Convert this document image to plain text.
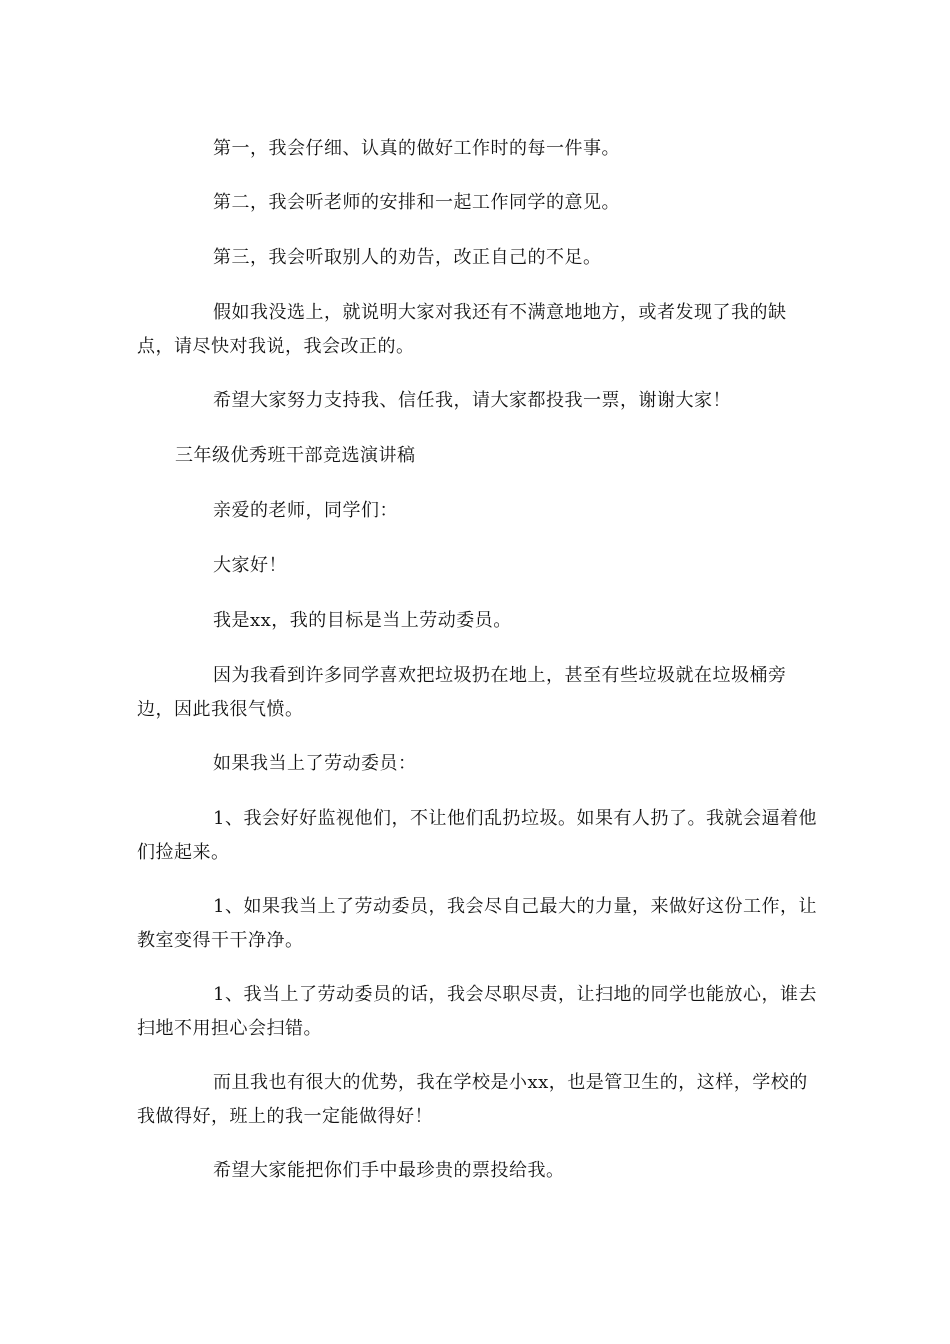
第一，我会仔细、认真的做好工作时的每一件事。

第二，我会听老师的安排和一起工作同学的意见。

第三，我会听取别人的劝告，改正自己的不足。

假如我没选上，就说明大家对我还有不满意地地方，或者发现了我的缺点，请尽快对我说，我会改正的。

希望大家努力支持我、信任我，请大家都投我一票，谢谢大家！

三年级优秀班干部竞选演讲稿

亲爱的老师，同学们：

大家好！

我是xx，我的目标是当上劳动委员。

因为我看到许多同学喜欢把垃圾扔在地上，甚至有些垃圾就在垃圾桶旁边，因此我很气愤。

如果我当上了劳动委员：

1、我会好好监视他们，不让他们乱扔垃圾。如果有人扔了。我就会逼着他们捡起来。

1、如果我当上了劳动委员，我会尽自己最大的力量，来做好这份工作，让教室变得干干净净。

1、我当上了劳动委员的话，我会尽职尽责，让扫地的同学也能放心，谁去扫地不用担心会扫错。

而且我也有很大的优势，我在学校是小xx，也是管卫生的，这样，学校的我做得好，班上的我一定能做得好！

希望大家能把你们手中最珍贵的票投给我。
